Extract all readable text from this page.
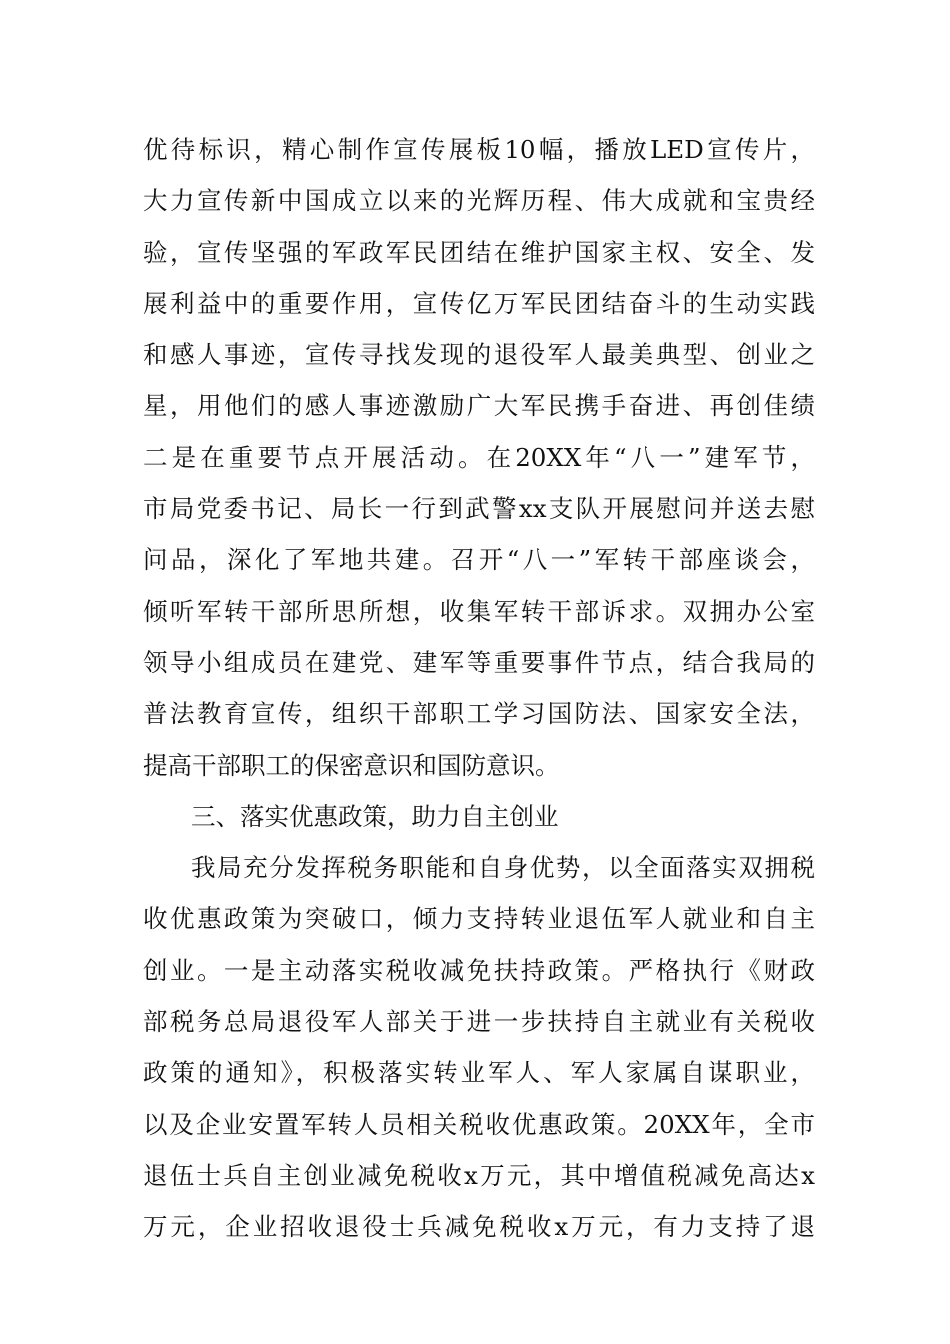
优待标识，精心制作宣传展板10幅，播放LED宣传片，
大力宣传新中国成立以来的光辉历程、伟大成就和宝贵经
验，宣传坚强的军政军民团结在维护国家主权、安全、发
展利益中的重要作用，宣传亿万军民团结奋斗的生动实践
和感人事迹，宣传寻找发现的退役军人最美典型、创业之
星，用他们的感人事迹激励广大军民携手奋进、再创佳绩
二是在重要节点开展活动。在20XX年“八一”建军节，
市局党委书记、局长一行到武警xx支队开展慰问并送去慰
问品，深化了军地共建。召开“八一”军转干部座谈会，
倾听军转干部所思所想，收集军转干部诉求。双拥办公室
领导小组成员在建党、建军等重要事件节点，结合我局的
普法教育宣传，组织干部职工学习国防法、国家安全法，
提高干部职工的保密意识和国防意识。
三、落实优惠政策，助力自主创业
我局充分发挥税务职能和自身优势，以全面落实双拥税
收优惠政策为突破口，倾力支持转业退伍军人就业和自主
创业。一是主动落实税收减免扶持政策。严格执行《财政
部税务总局退役军人部关于进一步扶持自主就业有关税收
政策的通知》，积极落实转业军人、军人家属自谋职业，
以及企业安置军转人员相关税收优惠政策。20XX年，全市
退伍士兵自主创业减免税收x万元，其中增值税减免高达x
万元，企业招收退役士兵减免税收x万元，有力支持了退
